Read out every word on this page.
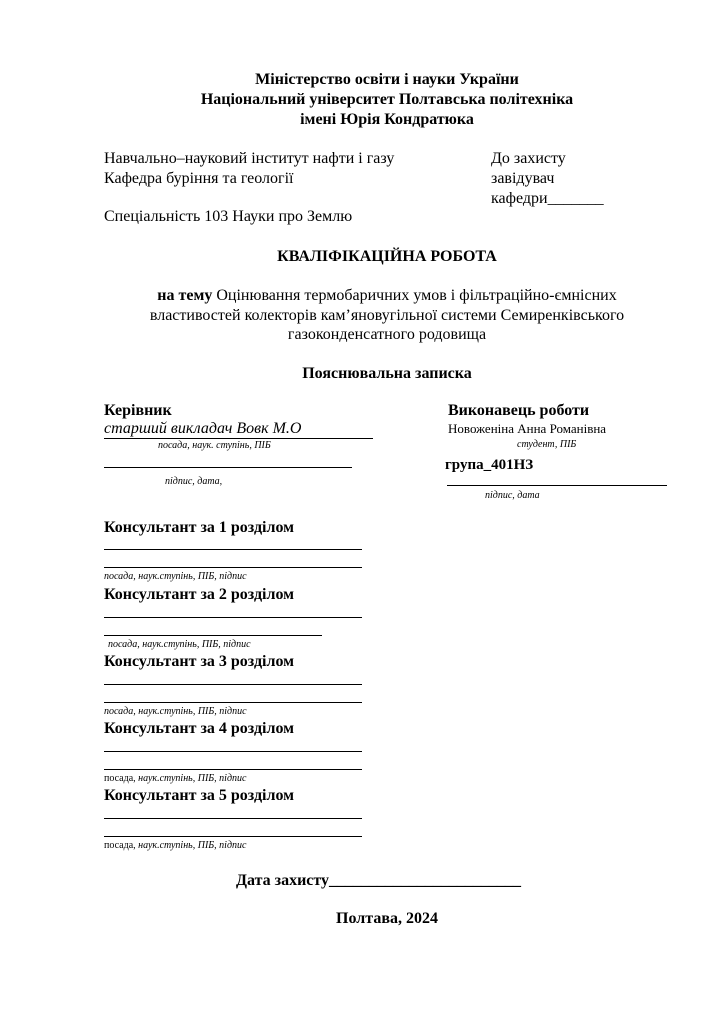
Міністерство освіти і науки України
Національний університет Полтавська політехніка
імені Юрія Кондратюка
Навчально–науковий інститут нафти і газу
Кафедра буріння та геології
Спеціальність 103 Науки про Землю
До захисту
завідувач
кафедри_______
КВАЛІФІКАЦІЙНА РОБОТА
на тему Оцінювання термобаричних умов і фільтраційно-ємнісних
властивостей колекторів кам’яновугільної системи Семиренківського
газоконденсатного родовища
Пояснювальна записка
Керівник
старший викладач Вовк М.О
посада, наук. ступінь, ПІБ
підпис, дата,
Виконавець роботи
Новоженіна Анна Романівна
студент, ПІБ
група_401НЗ
підпис, дата
Консультант за 1 розділом
посада, наук.ступінь, ПІБ, підпис
Консультант за 2 розділом
посада, наук.ступінь, ПІБ, підпис
Консультант за 3 розділом
посада, наук.ступінь, ПІБ, підпис
Консультант за 4 розділом
посада, наук.ступінь, ПІБ, підпис
Консультант за 5 розділом
посада, наук.ступінь, ПІБ, підпис
Дата захисту________________________
Полтава, 2024
